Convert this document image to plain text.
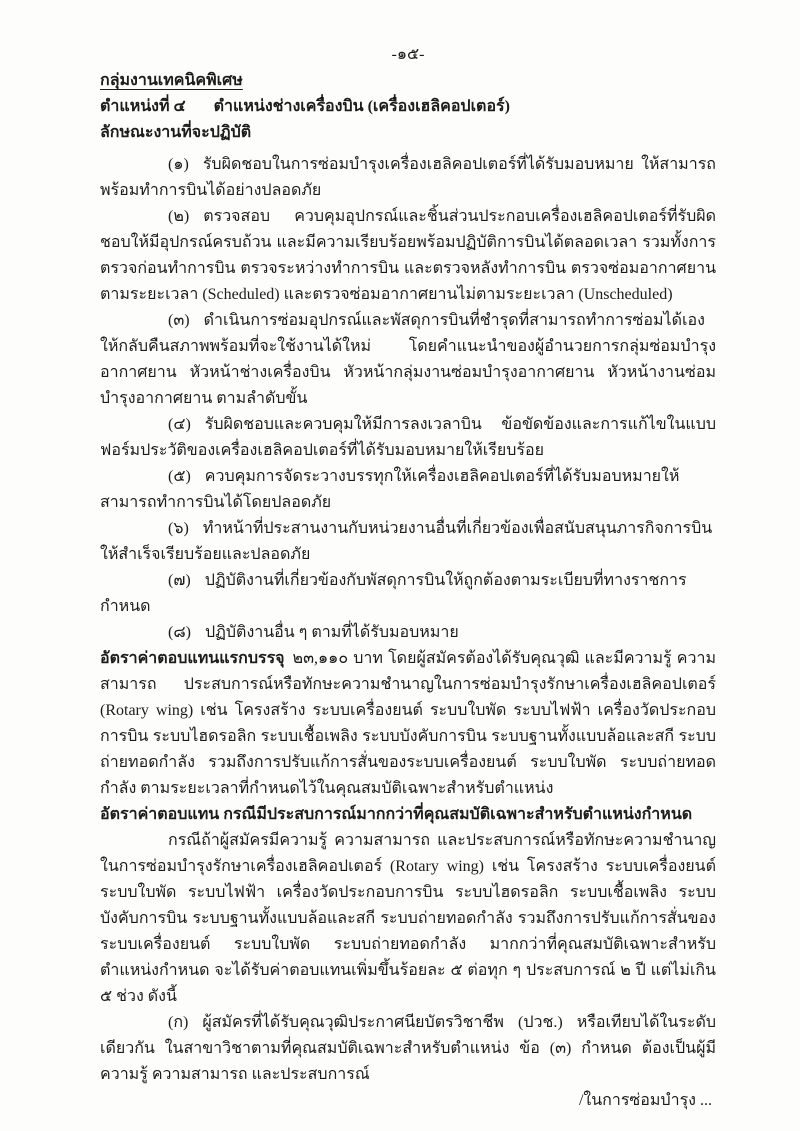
-๑๕-

กลุ่มงานเทคนิคพิเศษ

ตำแหน่งที่ ๔ ตำแหน่งช่างเครื่องบิน (เครื่องเฮลิคอปเตอร์)

ลักษณะงานที่จะปฏิบัติ

(๑) รับผิดชอบในการซ่อมบำรุงเครื่องเฮลิคอปเตอร์ที่ได้รับมอบหมาย ให้สามารถพร้อมทำการบินได้อย่างปลอดภัย

(๒) ตรวจสอบ ควบคุมอุปกรณ์และชิ้นส่วนประกอบเครื่องเฮลิคอปเตอร์ที่รับผิดชอบให้มีอุปกรณ์ครบถ้วน และมีความเรียบร้อยพร้อมปฏิบัติการบินได้ตลอดเวลา รวมทั้งการตรวจก่อนทำการบิน ตรวจระหว่างทำการบิน และตรวจหลังทำการบิน ตรวจซ่อมอากาศยานตามระยะเวลา (Scheduled) และตรวจซ่อมอากาศยานไม่ตามระยะเวลา (Unscheduled)

(๓) ดำเนินการซ่อมอุปกรณ์และพัสดุการบินที่ชำรุดที่สามารถทำการซ่อมได้เองให้กลับคืนสภาพพร้อมที่จะใช้งานได้ใหม่ โดยคำแนะนำของผู้อำนวยการกลุ่มซ่อมบำรุงอากาศยาน หัวหน้าช่างเครื่องบิน หัวหน้ากลุ่มงานซ่อมบำรุงอากาศยาน หัวหน้างานซ่อมบำรุงอากาศยาน ตามลำดับขั้น

(๔) รับผิดชอบและควบคุมให้มีการลงเวลาบิน ข้อขัดข้องและการแก้ไขในแบบฟอร์มประวัติของเครื่องเฮลิคอปเตอร์ที่ได้รับมอบหมายให้เรียบร้อย

(๕) ควบคุมการจัดระวางบรรทุกให้เครื่องเฮลิคอปเตอร์ที่ได้รับมอบหมายให้สามารถทำการบินได้โดยปลอดภัย

(๖) ทำหน้าที่ประสานงานกับหน่วยงานอื่นที่เกี่ยวข้องเพื่อสนับสนุนภารกิจการบินให้สำเร็จเรียบร้อยและปลอดภัย

(๗) ปฏิบัติงานที่เกี่ยวข้องกับพัสดุการบินให้ถูกต้องตามระเบียบที่ทางราชการกำหนด

(๘) ปฏิบัติงานอื่น ๆ ตามที่ได้รับมอบหมาย

อัตราค่าตอบแทนแรกบรรจุ ๒๓,๑๑๐ บาท โดยผู้สมัครต้องได้รับคุณวุฒิ และมีความรู้ ความสามารถ ประสบการณ์หรือทักษะความชำนาญในการซ่อมบำรุงรักษาเครื่องเฮลิคอปเตอร์ (Rotary wing) เช่น โครงสร้าง ระบบเครื่องยนต์ ระบบใบพัด ระบบไฟฟ้า เครื่องวัดประกอบการบิน ระบบไฮดรอลิก ระบบเชื้อเพลิง ระบบบังคับการบิน ระบบฐานทั้งแบบล้อและสกี ระบบถ่ายทอดกำลัง รวมถึงการปรับแก้การสั่นของระบบเครื่องยนต์ ระบบใบพัด ระบบถ่ายทอดกำลัง ตามระยะเวลาที่กำหนดไว้ในคุณสมบัติเฉพาะสำหรับตำแหน่ง

อัตราค่าตอบแทน กรณีมีประสบการณ์มากกว่าที่คุณสมบัติเฉพาะสำหรับตำแหน่งกำหนด

กรณีถ้าผู้สมัครมีความรู้ ความสามารถ และประสบการณ์หรือทักษะความชำนาญในการซ่อมบำรุงรักษาเครื่องเฮลิคอปเตอร์ (Rotary wing) เช่น โครงสร้าง ระบบเครื่องยนต์ ระบบใบพัด ระบบไฟฟ้า เครื่องวัดประกอบการบิน ระบบไฮดรอลิก ระบบเชื้อเพลิง ระบบบังคับการบิน ระบบฐานทั้งแบบล้อและสกี ระบบถ่ายทอดกำลัง รวมถึงการปรับแก้การสั่นของระบบเครื่องยนต์ ระบบใบพัด ระบบถ่ายทอดกำลัง มากกว่าที่คุณสมบัติเฉพาะสำหรับตำแหน่งกำหนด จะได้รับค่าตอบแทนเพิ่มขึ้นร้อยละ ๕ ต่อทุก ๆ ประสบการณ์ ๒ ปี แต่ไม่เกิน ๕ ช่วง ดังนี้

(ก) ผู้สมัครที่ได้รับคุณวุฒิประกาศนียบัตรวิชาชีพ (ปวช.) หรือเทียบได้ในระดับเดียวกัน ในสาขาวิชาตามที่คุณสมบัติเฉพาะสำหรับตำแหน่ง ข้อ (๓) กำหนด ต้องเป็นผู้มีความรู้ ความสามารถ และประสบการณ์

/ในการซ่อมบำรุง ...
